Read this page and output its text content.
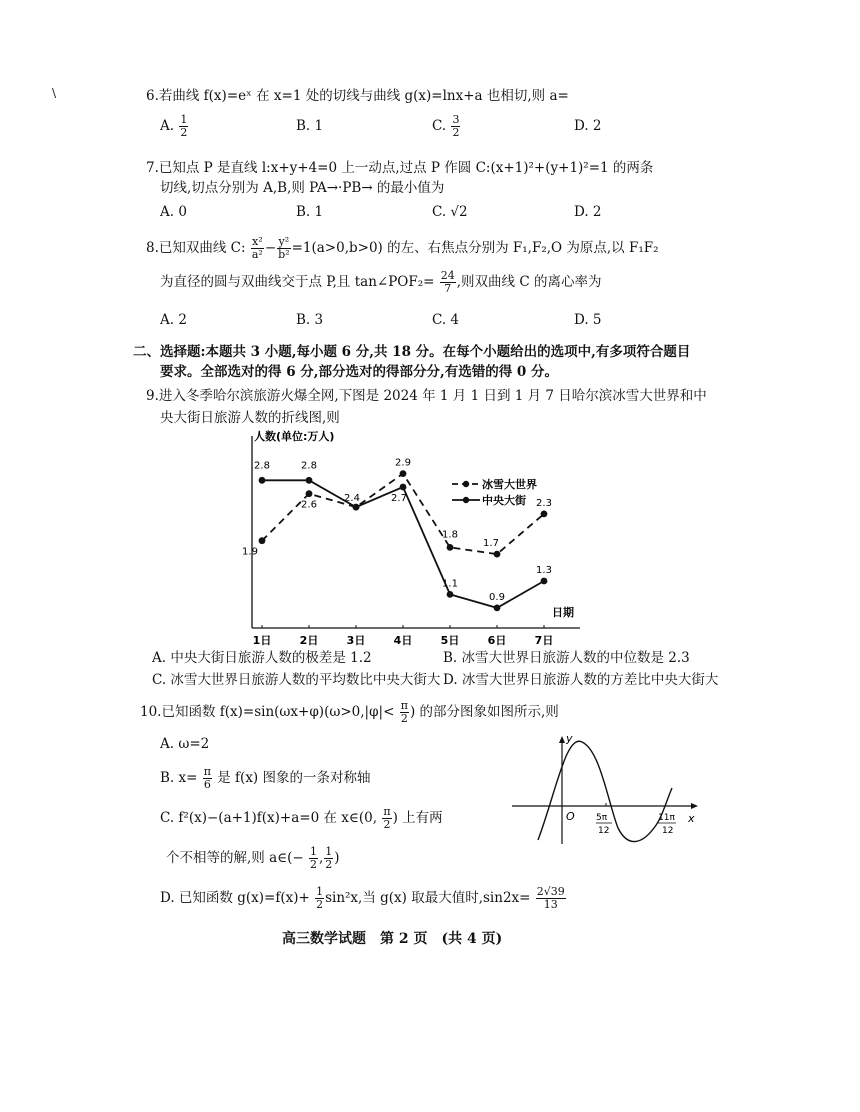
\	6.若曲线 f(x)=eˣ 在 x=1 处的切线与曲线 g(x)=lnx+a 也相切,则 a=
A. $\frac{1}{2}$	B. 1	C. $\frac{3}{2}$	D. 2
7.已知点 P 是直线 l:x+y+4=0 上一动点,过点 P 作圆 C:(x+1)²+(y+1)²=1 的两条
切线,切点分别为 A,B,则 PA→·PB→ 的最小值为
A. 0	B. 1	C. √2	D. 2
8.已知双曲线 C: $\frac{\text{x²}}{\text{a²}} - \frac{\text{y²}}{\text{b²}} =1(a>0,b>0)$ 的左、右焦点分别为 F₁,F₂,O 为原点,以 F₁F₂
为直径的圆与双曲线交于点 P,且 tan∠POF₂= $\frac{24}{7}$ ,则双曲线 C 的离心率为
A. 2	B. 3	C. 4	D. 5
二、选择题:本题共 3 小题,每小题 6 分,共 18 分。在每个小题给出的选项中,有多项符合题目
要求。全部选对的得 6 分,部分选对的得部分分,有选错的得 0 分。
9.进入冬季哈尔滨旅游火爆全网,下图是 2024 年 1 月 1 日到 1 月 7 日哈尔滨冰雪大世界和中
央大街日旅游人数的折线图,则
人数(单位:万人)
日期
1日	2日	3日	4日	5日	6日	7日
1.9
2.6
2.4
2.9
1.8
1.7
2.3
2.8	2.8
2.7
1.1
0.9
1.3
冰雪大世界
中央大街
A. 中央大街日旅游人数的极差是 1.2	B. 冰雪大世界日旅游人数的中位数是 2.3
C. 冰雪大世界日旅游人数的平均数比中央大街大 D. 冰雪大世界日旅游人数的方差比中央大街大
10.已知函数 $f(x)=\sin(\omega x+\varphi)(\omega>0,|\varphi|< \frac{\pi}{2}$ ) 的部分图象如图所示,则
A. ω=2
B. $x= \frac{\pi}{6}$ 是 f(x) 图象的一条对称轴
C. f²(x)−(a+1)f(x)+a=0 在 x∈(0, $\frac{\pi}{2}$ ) 上有两
个不相等的解,则 a∈(− $\frac{1}{2}$ , $\frac{1}{2}$ )
D. 已知函数 $g(x)=f(x)+ \frac{1}{2} \sin^2x$,当 g(x) 取最大值时$,\sin 2x= \frac{2√39}{13}$
y
x
O 5π
12
11π
12
高三数学试题　第 2 页　(共 4 页)
